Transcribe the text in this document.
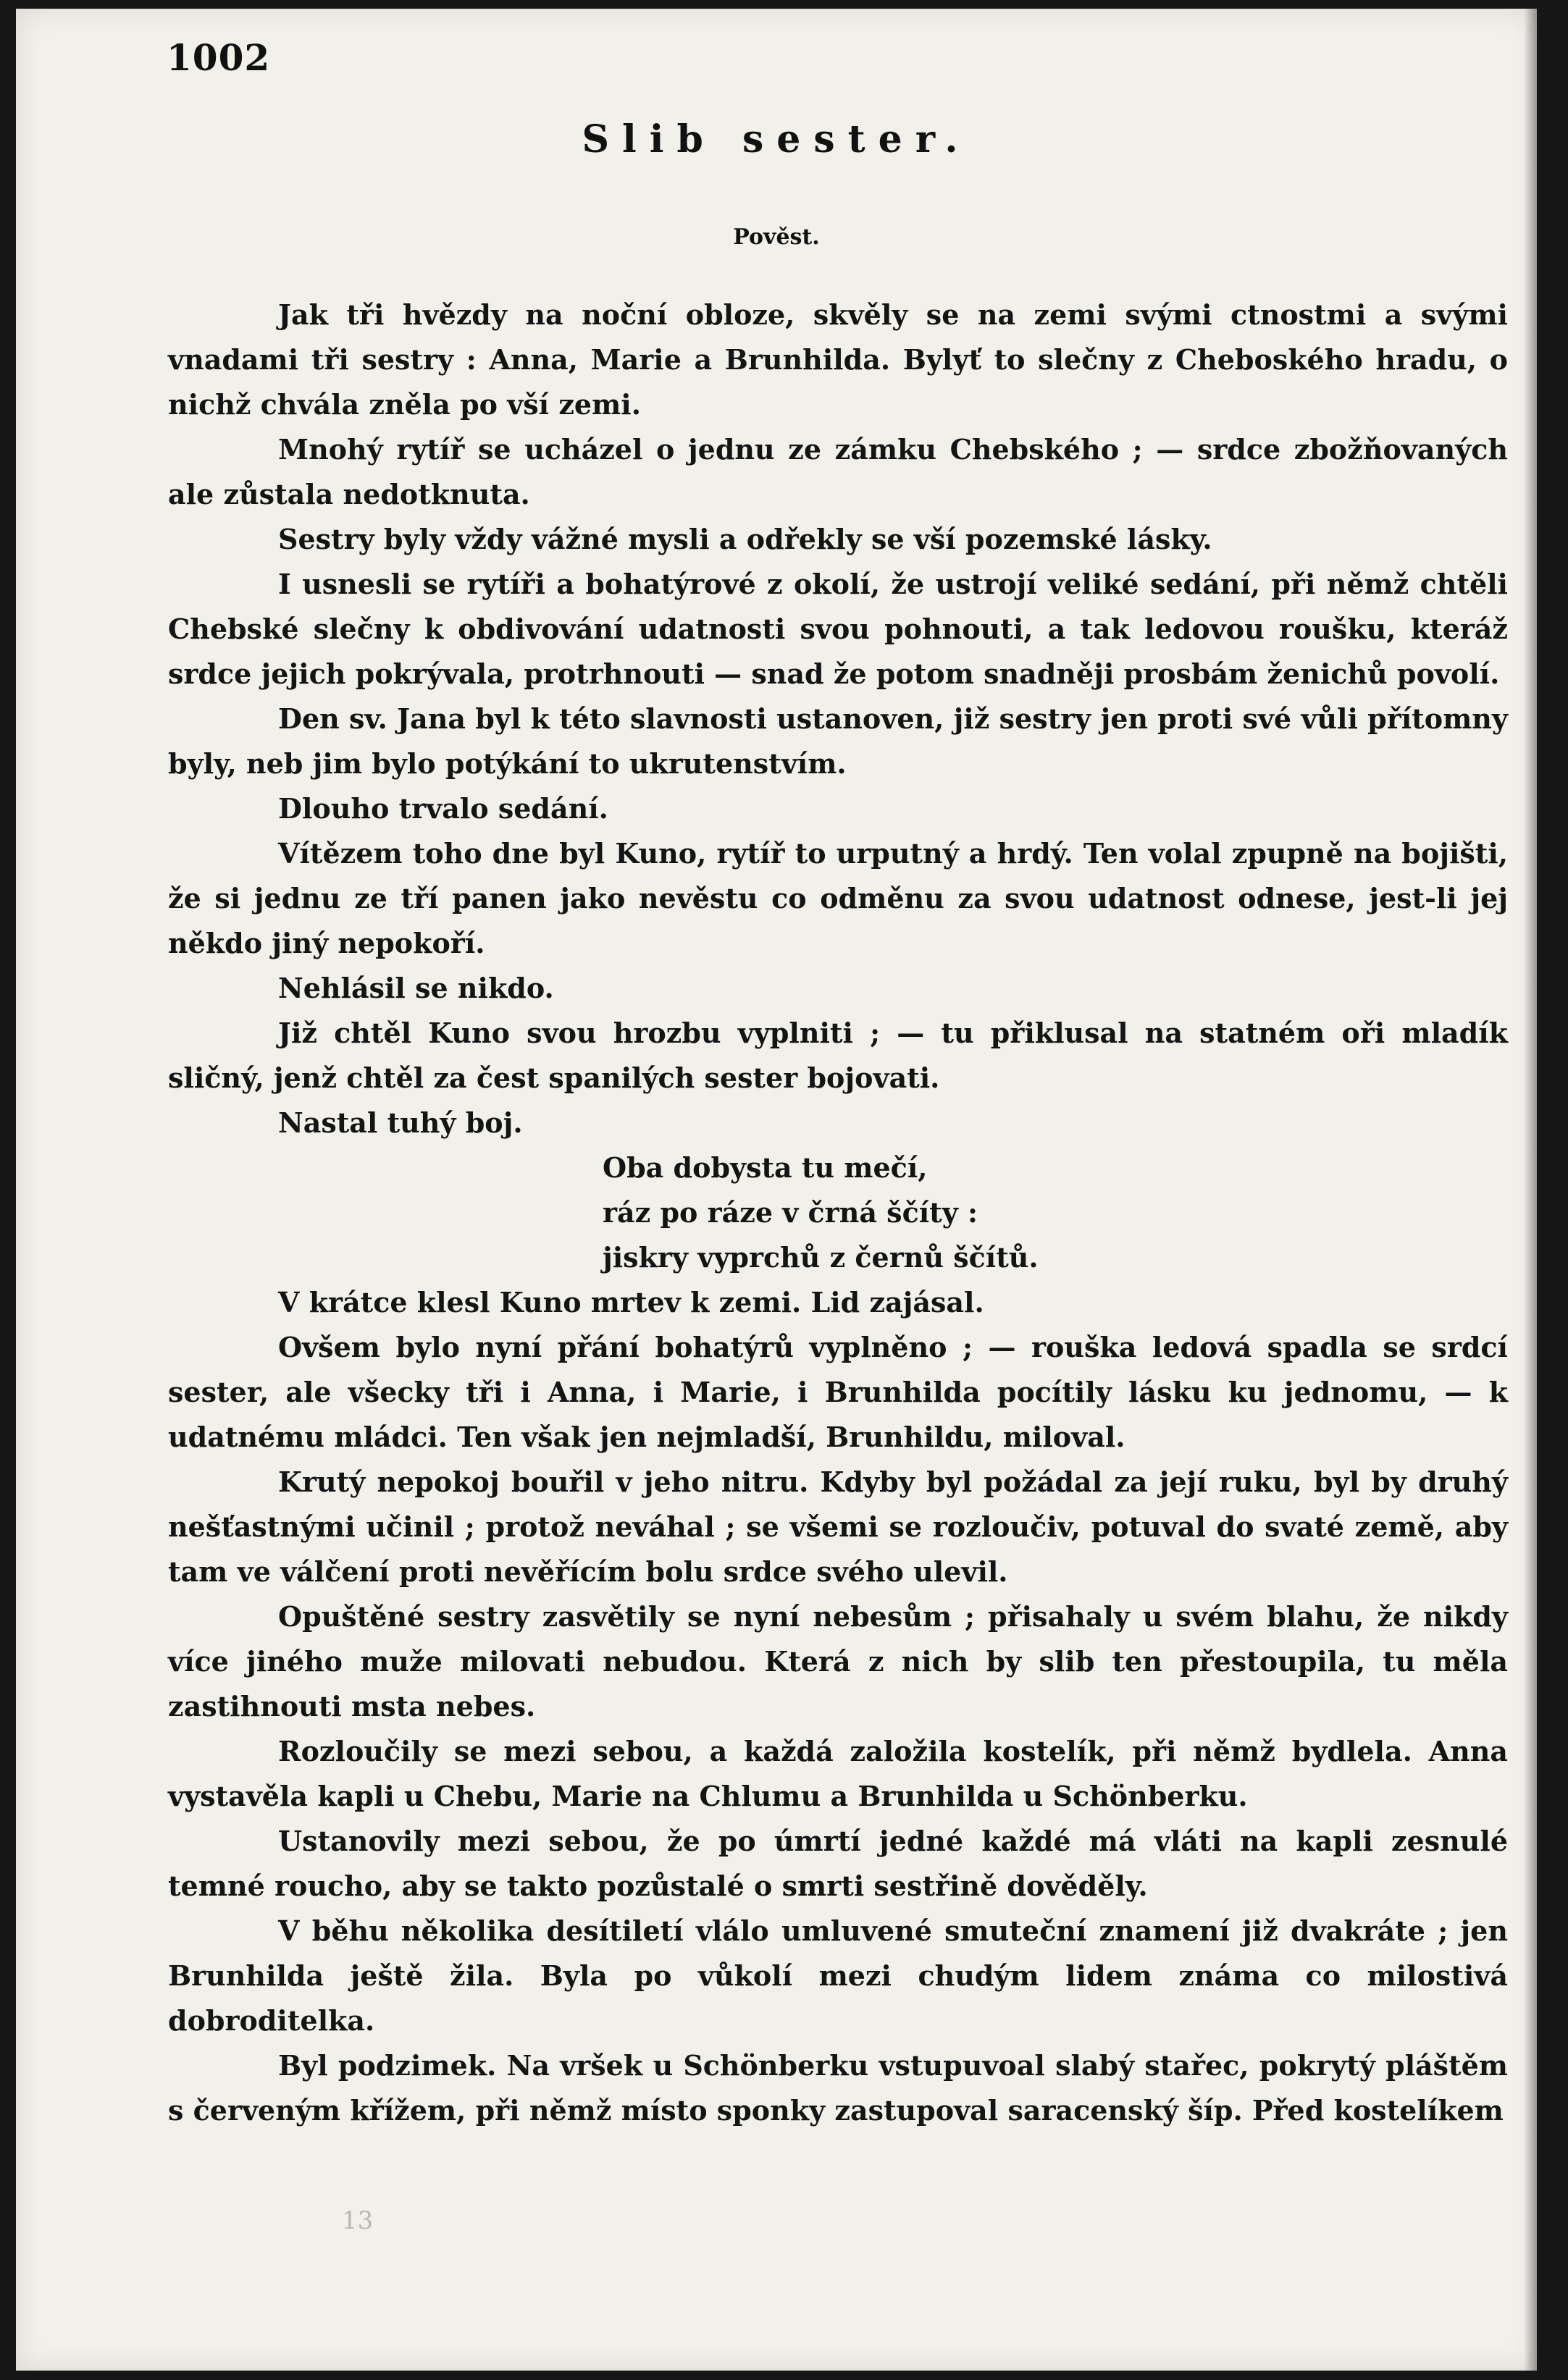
1002

Slib sester.
Pověst.

Jak tři hvězdy na noční obloze, skvěly se na zemi svými ctnostmi a svými vnadami tři sestry : Anna, Marie a Brunhilda. Bylyť to slečny z Cheboského hradu, o nichž chvála zněla po vší zemi.

Mnohý rytíř se ucházel o jednu ze zámku Chebského ; — srdce zbožňovaných ale zůstala nedotknuta.

Sestry byly vždy vážné mysli a odřekly se vší pozemské lásky.

I usnesli se rytíři a bohatýrové z okolí, že ustrojí veliké sedání, při němž chtěli Chebské slečny k obdivování udatnosti svou pohnouti, a tak ledovou roušku, kteráž srdce jejich pokrývala, protrhnouti — snad že potom snadněji prosbám ženichů povolí.

Den sv. Jana byl k této slavnosti ustanoven, již sestry jen proti své vůli přítomny byly, neb jim bylo potýkání to ukrutenstvím.

Dlouho trvalo sedání.

Vítězem toho dne byl Kuno, rytíř to urputný a hrdý. Ten volal zpupně na bojišti, že si jednu ze tří panen jako nevěstu co odměnu za svou udatnost odnese, jest-li jej někdo jiný nepokoří.

Nehlásil se nikdo.

Již chtěl Kuno svou hrozbu vyplniti ; — tu přiklusal na statném oři mladík sličný, jenž chtěl za čest spanilých sester bojovati.

Nastal tuhý boj.

Oba dobysta tu mečí,
ráz po ráze v črná ščíty :
jiskry vyprchů z černů ščítů.

V krátce klesl Kuno mrtev k zemi. Lid zajásal.

Ovšem bylo nyní přání bohatýrů vyplněno ; — rouška ledová spadla se srdcí sester, ale všecky tři i Anna, i Marie, i Brunhilda pocítily lásku ku jednomu, — k udatnému mládci. Ten však jen nejmladší, Brunhildu, miloval.

Krutý nepokoj bouřil v jeho nitru. Kdyby byl požádal za její ruku, byl by druhý nešťastnými učinil ; protož neváhal ; se všemi se rozloučiv, potuval do svaté země, aby tam ve válčení proti nevěřícím bolu srdce svého ulevil.

Opuštěné sestry zasvětily se nyní nebesům ; přisahaly u svém blahu, že nikdy více jiného muže milovati nebudou. Která z nich by slib ten přestoupila, tu měla zastihnouti msta nebes.

Rozloučily se mezi sebou, a každá založila kostelík, při němž bydlela. Anna vystavěla kapli u Chebu, Marie na Chlumu a Brunhilda u Schönberku.

Ustanovily mezi sebou, že po úmrtí jedné každé má vláti na kapli zesnulé temné roucho, aby se takto pozůstalé o smrti sestřině dověděly.

V běhu několika desítiletí vlálo umluvené smuteční znamení již dvakráte ; jen Brunhilda ještě žila. Byla po vůkolí mezi chudým lidem známa co milostivá dobroditelka.

Byl podzimek. Na vršek u Schönberku vstupuvoal slabý stařec, pokrytý pláštěm s červeným křížem, při němž místo sponky zastupoval saracenský šíp. Před kostelíkem

13
